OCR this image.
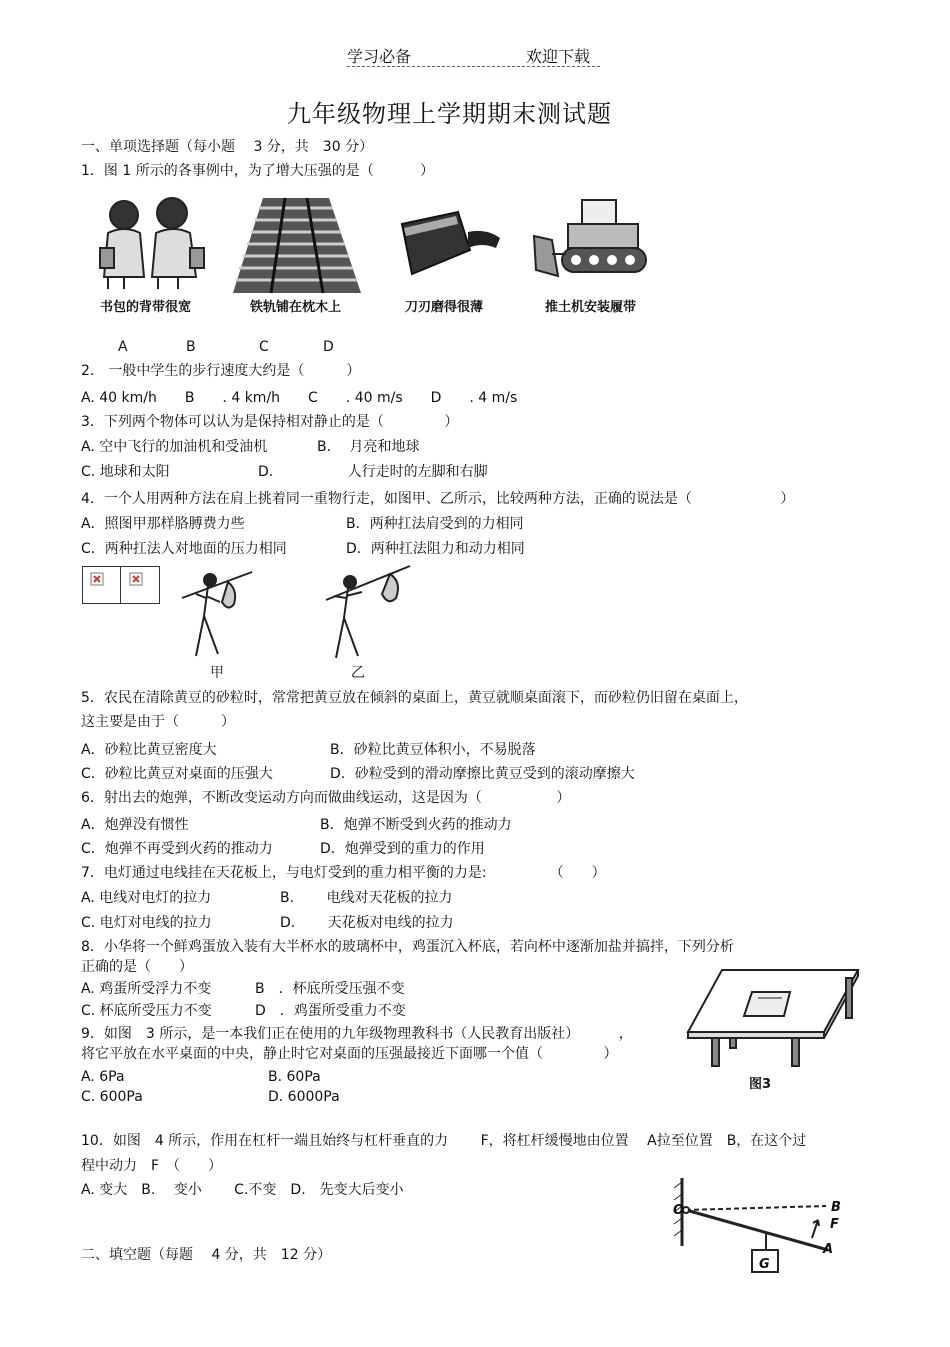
学习必备	欢迎下载
九年级物理上学期期末测试题
一、单项选择题（每小题　 3 分，共　30 分）
1．图 1 所示的各事例中，为了增大压强的是（　　　 ）
书包的背带很宽	铁轨铺在枕木上	刀刃磨得很薄	推土机安装履带
A	B	C	D
2． 一般中学生的步行速度大约是（　　　）
A. 40 km/h　　B　　. 4 km/h　　C　　. 40 m/s　　D　　. 4 m/s
3．下列两个物体可以认为是保持相对静止的是（　　　　 ）
A. 空中飞行的加油机和受油机	B.　 月亮和地球
C. 地球和太阳	D.　　　　　 人行走时的左脚和右脚
4．一个人用两种方法在肩上挑着同一重物行走，如图甲、乙所示，比较两种方法，正确的说法是（　　　　　　 ）
A．照图甲那样胳膊费力些	B．两种扛法肩受到的力相同
C．两种扛法人对地面的压力相同	D．两种扛法阻力和动力相同
甲	乙
5．农民在清除黄豆的砂粒时，常常把黄豆放在倾斜的桌面上，黄豆就顺桌面滚下，而砂粒仍旧留在桌面上，
这主要是由于（　　　）
A．砂粒比黄豆密度大	B．砂粒比黄豆体积小，不易脱落
C．砂粒比黄豆对桌面的压强大	D．砂粒受到的滑动摩擦比黄豆受到的滚动摩擦大
6．射出去的炮弹，不断改变运动方向而做曲线运动，这是因为（　　　　　 ）
A．炮弹没有惯性	B．炮弹不断受到火药的推动力
C．炮弹不再受到火药的推动力	D．炮弹受到的重力的作用
7．电灯通过电线挂在天花板上，与电灯受到的重力相平衡的力是:　　　　　（　　）
A. 电线对电灯的拉力	B.　　 电线对天花板的拉力
C. 电灯对电线的拉力	D.　　 天花板对电线的拉力
8．小华将一个鲜鸡蛋放入装有大半杯水的玻璃杯中，鸡蛋沉入杯底，若向杯中逐渐加盐并搞拌，下列分析
正确的是（　　）
A. 鸡蛋所受浮力不变	B　．杯底所受压强不变
C. 杯底所受压力不变	D　．鸡蛋所受重力不变
图3
9．如图　3 所示，是一本我们正在使用的九年级物理教科书（人民教育出版社）　　　 ，
将它平放在水平桌面的中央，静止时它对桌面的压强最接近下面哪一个值（　　　　 ）
A. 6Pa	B. 60Pa
C. 600Pa	D. 6000Pa
10．如图　4 所示，作用在杠杆一端且始终与杠杆垂直的力　　 F，将杠杆缓慢地由位置　 A拉至位置　B，在这个过
程中动力　F　（　　）
A. 变大　B.　 变小　　 C.不变　D.　先变大后变小
O	B
F
A
G
二、填空题（每题　 4 分，共　12 分）
